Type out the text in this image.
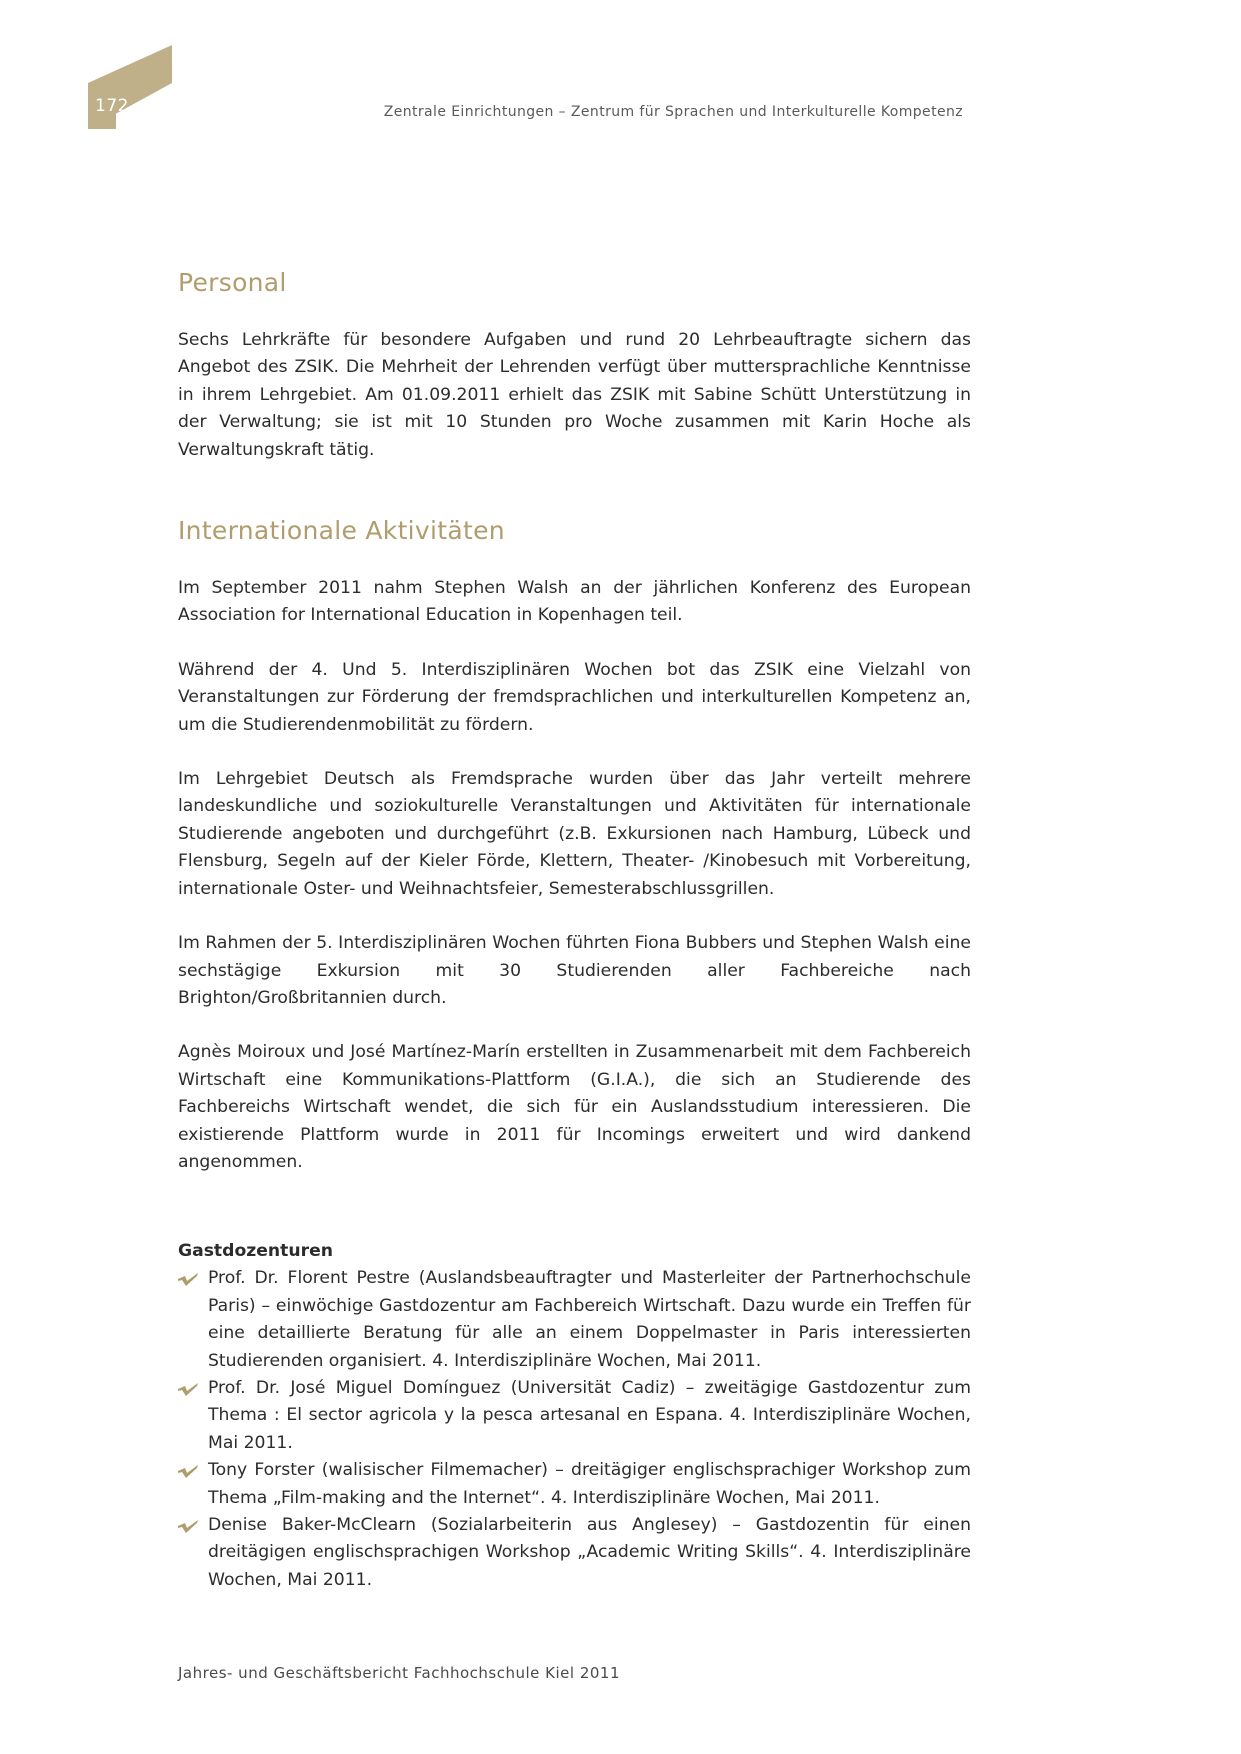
172	Zentrale Einrichtungen – Zentrum für Sprachen und Interkulturelle Kompetenz
Personal

Sechs Lehrkräfte für besondere Aufgaben und rund 20 Lehrbeauftragte sichern das Angebot des ZSIK. Die Mehrheit der Lehrenden verfügt über muttersprachliche Kenntnisse in ihrem Lehrgebiet. Am 01.09.2011 erhielt das ZSIK mit Sabine Schütt Unterstützung in der Verwaltung; sie ist mit 10 Stunden pro Woche zusammen mit Karin Hoche als Verwaltungskraft tätig.

Internationale Aktivitäten

Im September 2011 nahm Stephen Walsh an der jährlichen Konferenz des European Association for International Education in Kopenhagen teil.

Während der 4. Und 5. Interdisziplinären Wochen bot das ZSIK eine Vielzahl von Veranstaltungen zur Förderung der fremdsprachlichen und interkulturellen Kompetenz an, um die Studierendenmobilität zu fördern.

Im Lehrgebiet Deutsch als Fremdsprache wurden über das Jahr verteilt mehrere landeskundliche und soziokulturelle Veranstaltungen und Aktivitäten für internationale Studierende angeboten und durchgeführt (z.B. Exkursionen nach Hamburg, Lübeck und Flensburg, Segeln auf der Kieler Förde, Klettern, Theater- /Kinobesuch mit Vorbereitung, internationale Oster- und Weihnachtsfeier, Semesterabschlussgrillen.

Im Rahmen der 5. Interdisziplinären Wochen führten Fiona Bubbers und Stephen Walsh eine sechstägige Exkursion mit 30 Studierenden aller Fachbereiche nach Brighton/Großbritannien durch.

Agnès Moiroux und José Martínez-Marín erstellten in Zusammenarbeit mit dem Fachbereich Wirtschaft eine Kommunikations-Plattform (G.I.A.), die sich an Studierende des Fachbereichs Wirtschaft wendet, die sich für ein Auslandsstudium interessieren. Die existierende Plattform wurde in 2011 für Incomings erweitert und wird dankend angenommen.

Gastdozenturen
Prof. Dr. Florent Pestre (Auslandsbeauftragter und Masterleiter der Partnerhochschule Paris) – einwöchige Gastdozentur am Fachbereich Wirtschaft. Dazu wurde ein Treffen für eine detaillierte Beratung für alle an einem Doppelmaster in Paris interessierten Studierenden organisiert. 4. Interdisziplinäre Wochen, Mai 2011.
Prof. Dr. José Miguel Domínguez (Universität Cadiz) – zweitägige Gastdozentur zum Thema : El sector agricola y la pesca artesanal en Espana. 4. Interdisziplinäre Wochen, Mai 2011.
Tony Forster (walisischer Filmemacher) – dreitägiger englischsprachiger Workshop zum Thema „Film-making and the Internet“. 4. Interdisziplinäre Wochen, Mai 2011.
Denise Baker-McClearn (Sozialarbeiterin aus Anglesey) – Gastdozentin für einen dreitägigen englischsprachigen Workshop „Academic Writing Skills“. 4. Interdisziplinäre Wochen, Mai 2011.
Jahres- und Geschäftsbericht Fachhochschule Kiel 2011
